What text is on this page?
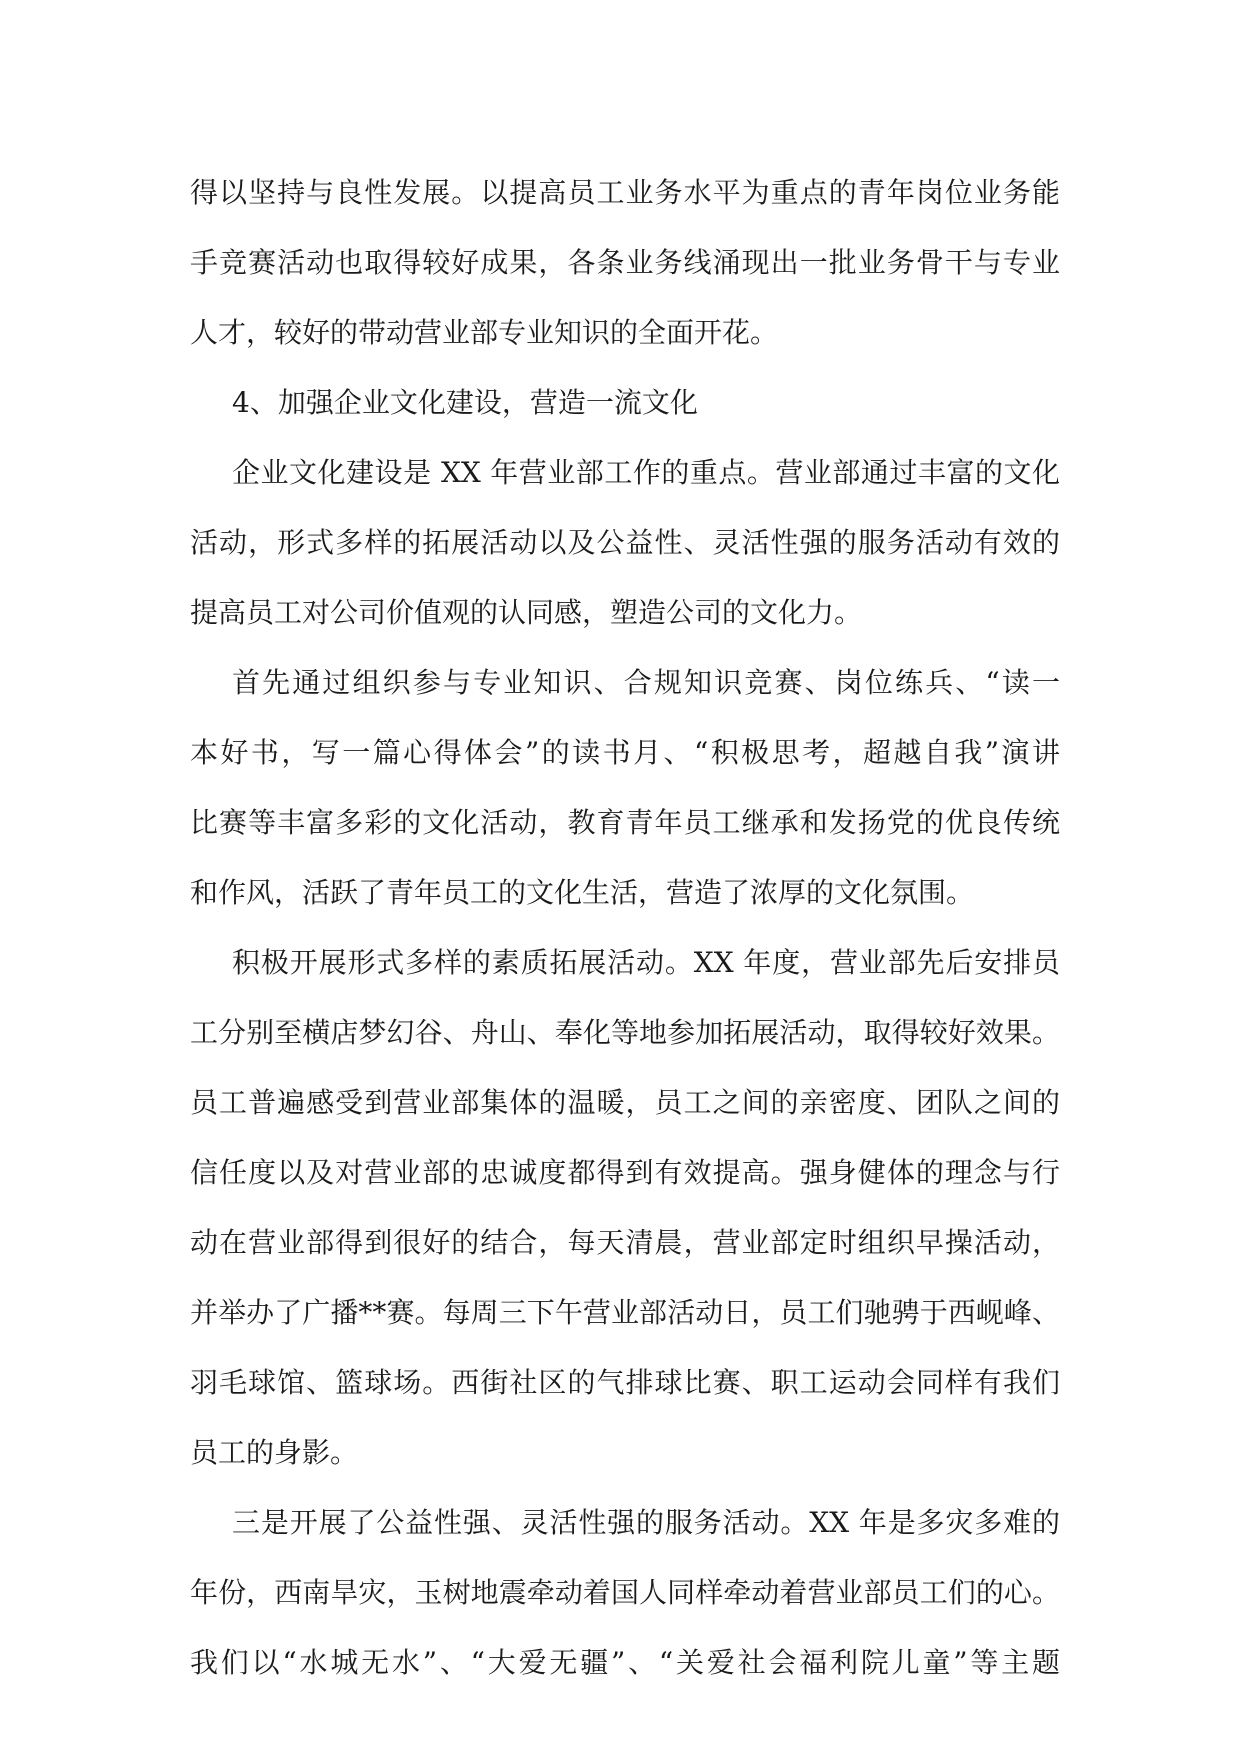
得以坚持与良性发展。以提高员工业务水平为重点的青年岗位业务能
手竞赛活动也取得较好成果，各条业务线涌现出一批业务骨干与专业
人才，较好的带动营业部专业知识的全面开花。
4、加强企业文化建设，营造一流文化
企业文化建设是 XX 年营业部工作的重点。营业部通过丰富的文化
活动，形式多样的拓展活动以及公益性、灵活性强的服务活动有效的
提高员工对公司价值观的认同感，塑造公司的文化力。
首先通过组织参与专业知识、合规知识竞赛、岗位练兵、“读一
本好书，写一篇心得体会”的读书月、“积极思考，超越自我”演讲
比赛等丰富多彩的文化活动，教育青年员工继承和发扬党的优良传统
和作风，活跃了青年员工的文化生活，营造了浓厚的文化氛围。
积极开展形式多样的素质拓展活动。XX 年度，营业部先后安排员
工分别至横店梦幻谷、舟山、奉化等地参加拓展活动，取得较好效果。
员工普遍感受到营业部集体的温暖，员工之间的亲密度、团队之间的
信任度以及对营业部的忠诚度都得到有效提高。强身健体的理念与行
动在营业部得到很好的结合，每天清晨，营业部定时组织早操活动，
并举办了广播**赛。每周三下午营业部活动日，员工们驰骋于西岘峰、
羽毛球馆、篮球场。西街社区的气排球比赛、职工运动会同样有我们
员工的身影。
三是开展了公益性强、灵活性强的服务活动。XX 年是多灾多难的
年份，西南旱灾，玉树地震牵动着国人同样牵动着营业部员工们的心。
我们以“水城无水”、“大爱无疆”、“关爱社会福利院儿童”等主题
